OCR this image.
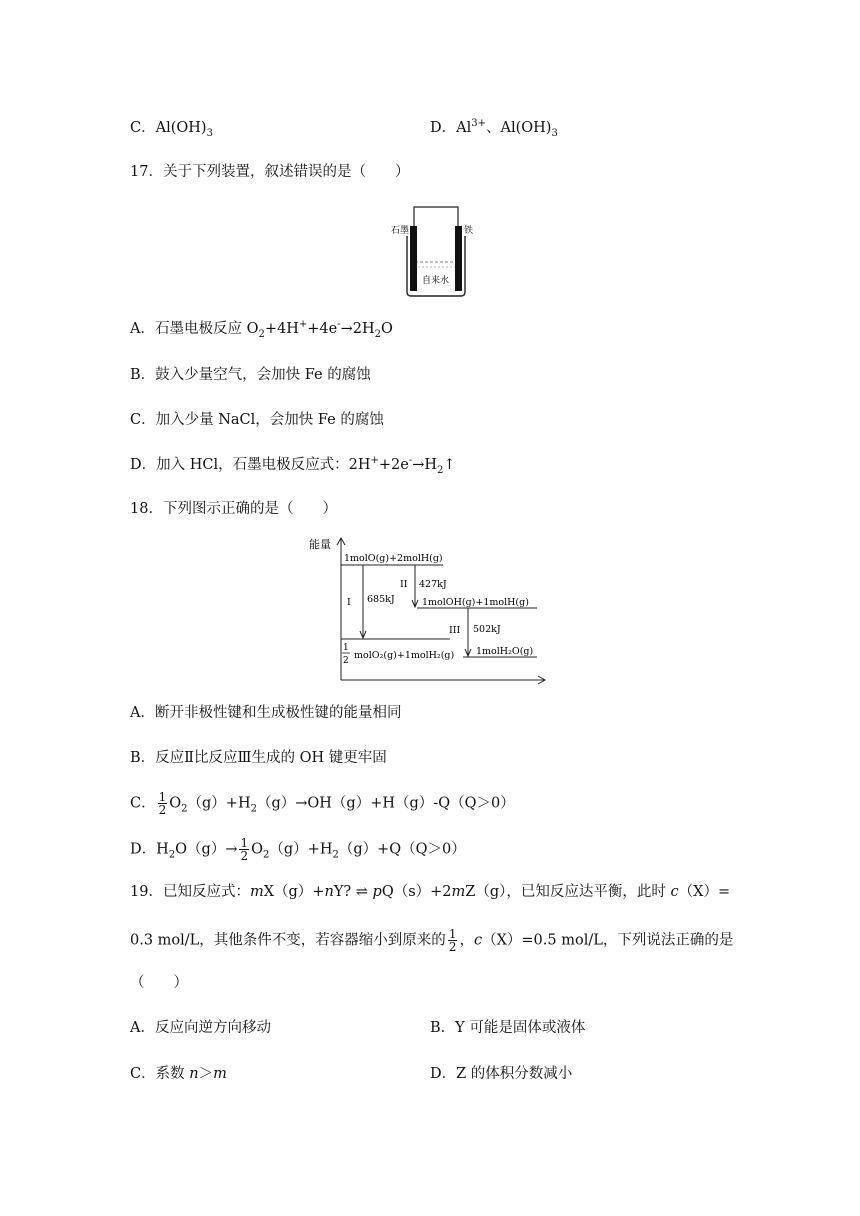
C．$Al(OH)_3$	D．$Al^{3+}$、$Al(OH)_3$
17．关于下列装置，叙述错误的是（　　）
石墨	铁
自来水
A．石墨电极反应 $O_2+4H^++4e^-\to 2H_2O$
B．鼓入少量空气，会加快 Fe 的腐蚀
C．加入少量 NaCl，会加快 Fe 的腐蚀
D．加入 HCl，石墨电极反应式：$2H^++2e^-\to H_2↑$
18．下列图示正确的是（　　）
能量
1molO(g)+2molH(g)
1molOH(g)+1molH(g)
1
2 molO₂(g)+1molH₂(g) 1molH₂O(g)
I 685kJ
II 427kJ
III 502kJ
A．断开非极性键和生成极性键的能量相同
B．反应Ⅱ比反应Ⅲ生成的 OH 键更牢固
C． $\frac{1}{2} O_2(g)+H_2(g)\to OH(g)+H(g)-Q(Q>0)$
D．$H_2O(g)\to \frac{1}{2} O_2(g)+H_2(g)+Q(Q>0)$
19．已知反应式：mX（g）+nY? ⇌ pQ（s）+2mZ（g），已知反应达平衡，此时 c（X）=
0.3 mol/L，其他条件不变，若容器缩小到原来的 $\frac{1}{2}$ ，c（X）=0.5 mol/L，下列说法正确的是
（　　）
A．反应向逆方向移动	B．Y 可能是固体或液体
C．系数 n＞m	D．Z 的体积分数减小
